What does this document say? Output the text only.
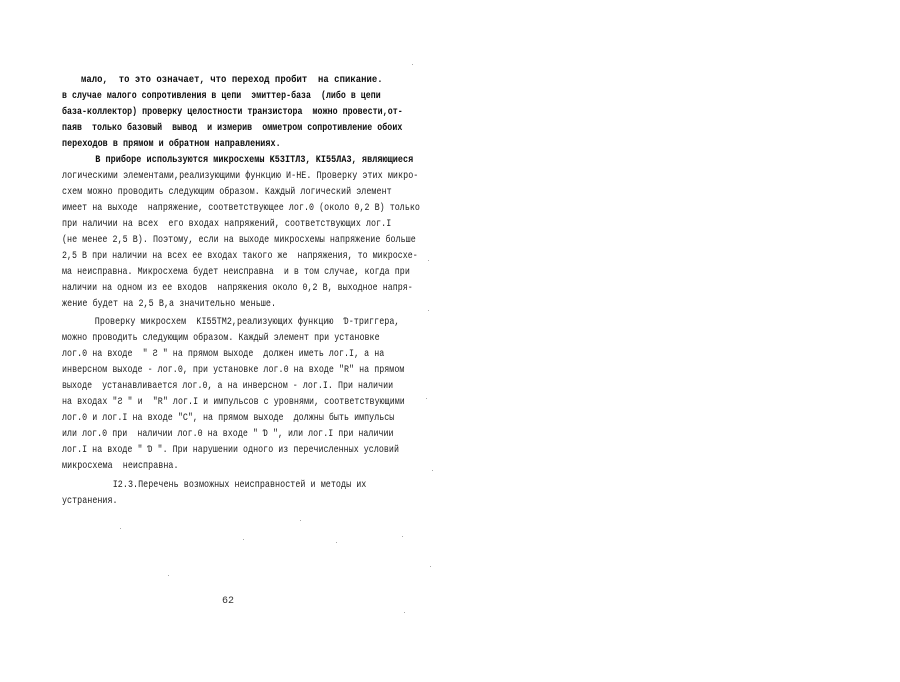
мало,  то это означает, что переход пробит  на спикание.
в случае малого сопротивления в цепи  эмиттер-база  (либо в цепи
база-коллектор) проверку целостности транзистора  можно провести,от-
паяв  только базовый  вывод  и измерив  омметром сопротивление обоих
переходов в прямом и обратном направлениях.
В приборе используются микросхемы K53ITЛ3, KI55ЛA3, являющиеся
логическими элементами,реализующими функцию И-НЕ. Проверку этих микро-
схем можно проводить следующим образом. Каждый логический элемент
имеет на выходе  напряжение, соответствующее лог.0 (около 0,2 В) только
при наличии на всех  его входах напряжений, соответствующих лог.I
(не менее 2,5 В). Поэтому, если на выходе микросхемы напряжение больше
2,5 В при наличии на всех ее входах такого же  напряжения, то микросхе-
ма неисправна. Микросхема будет неисправна  и в том случае, когда при
наличии на одном из ее входов  напряжения около 0,2 В, выходное напря-
жение будет на 2,5 В,а значительно меньше.
Проверку микросхем  KI55TM2,реализующих функцию  Ɗ-триггера,
можно проводить следующим образом. Каждый элемент при установке
лог.0 на входе  " Ƨ " на прямом выходе  должен иметь лог.I, а на
инверсном выходе - лог.0, при установке лог.0 на входе "R" на прямом
выходе  устанавливается лог.0, а на инверсном - лог.I. При наличии
на входах "Ƨ " и  "R" лог.I и импульсов с уровнями, соответствующими
лог.0 и лог.I на входе "C", на прямом выходе  должны быть импульсы
или лог.0 при  наличии лог.0 на входе " Ɗ ", или лог.I при наличии
лог.I на входе " Ɗ ". При нарушении одного из перечисленных условий
микросхема  неисправна.
I2.3.Перечень возможных неисправностей и методы их
устранения.
62
